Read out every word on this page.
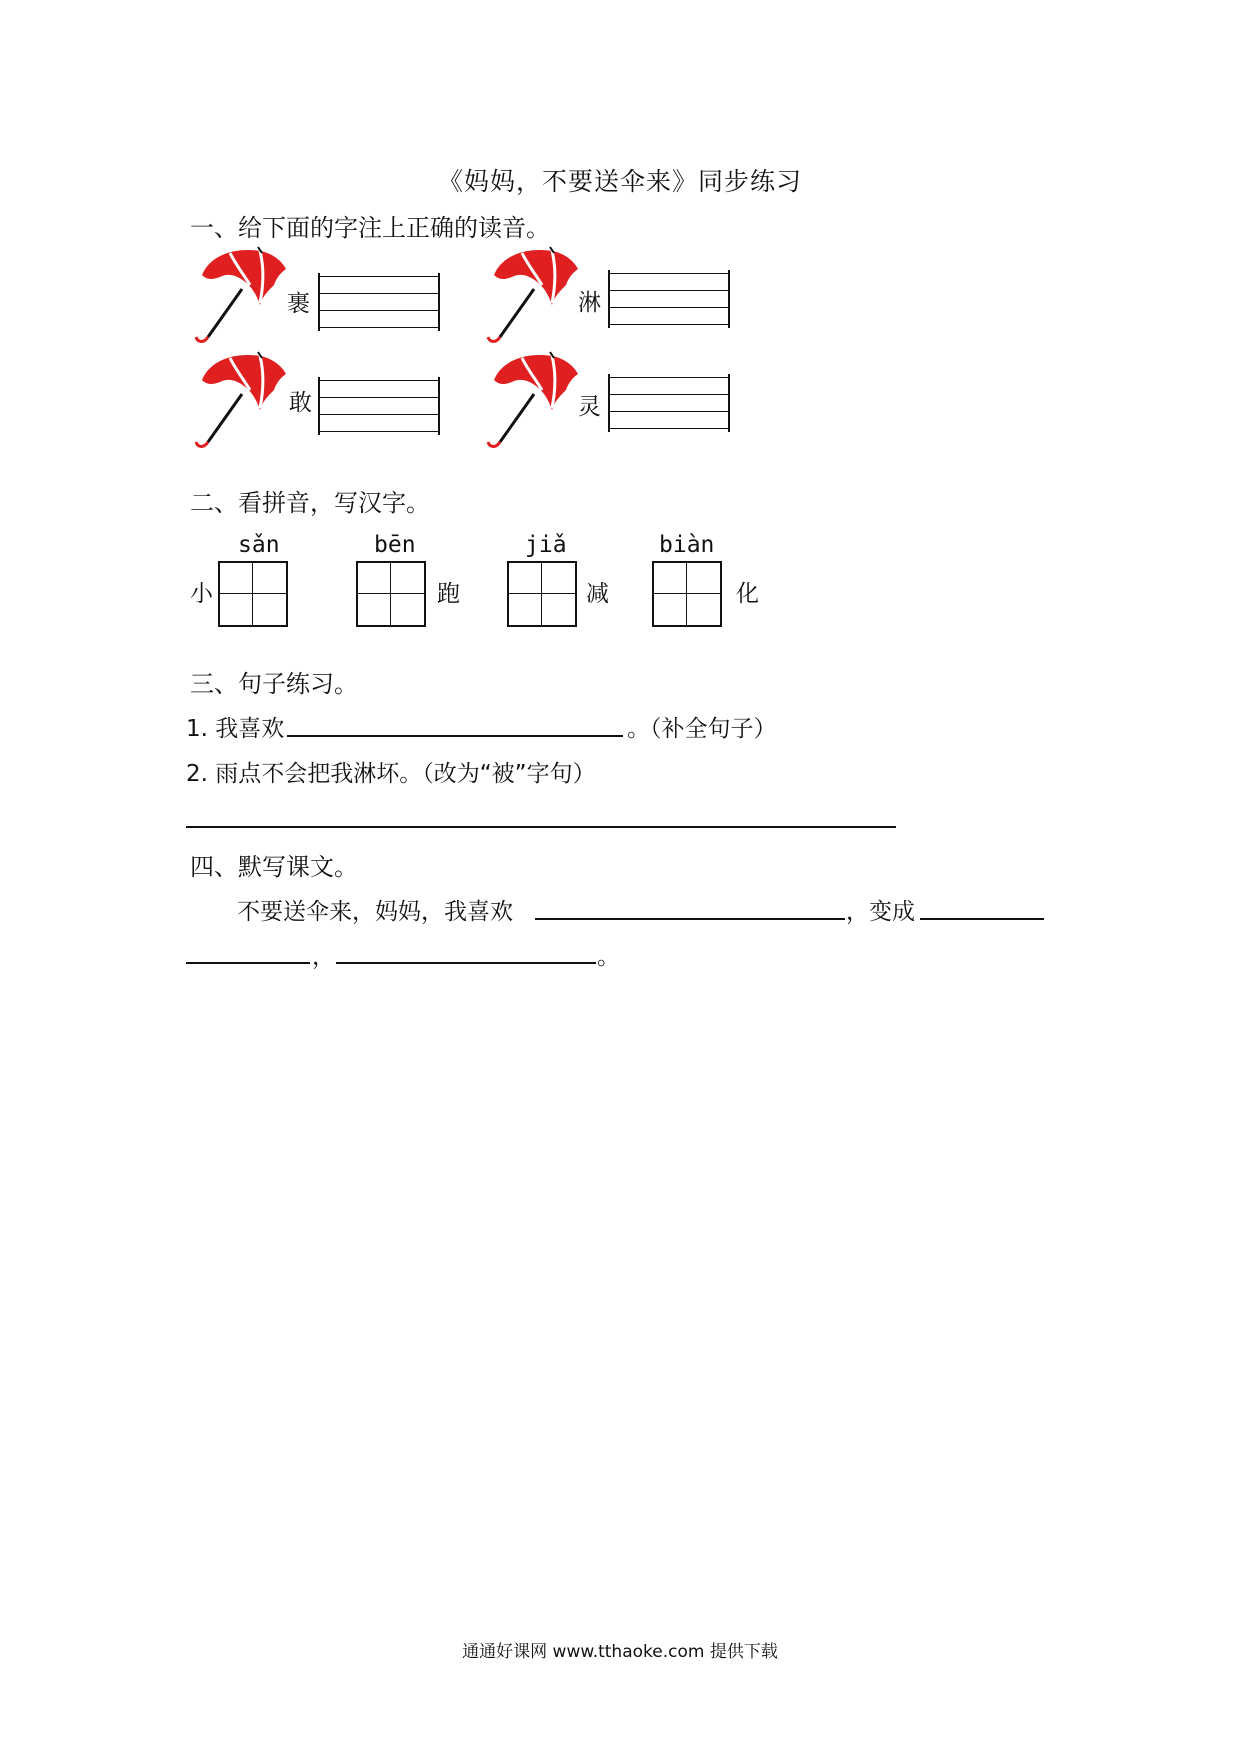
《妈妈，不要送伞来》同步练习
一、给下面的字注上正确的读音。
裹	淋
敢	灵
二、看拼音，写汉字。
sǎn
小
bēn
跑
jiǎ
减
biàn
化
三、句子练习。
1. 我喜欢	。（补全句子）
2. 雨点不会把我淋坏。（改为“被”字句）
四、默写课文。
不要送伞来，妈妈，我喜欢	，变成
，	。
通通好课网 www.tthaoke.com 提供下载
